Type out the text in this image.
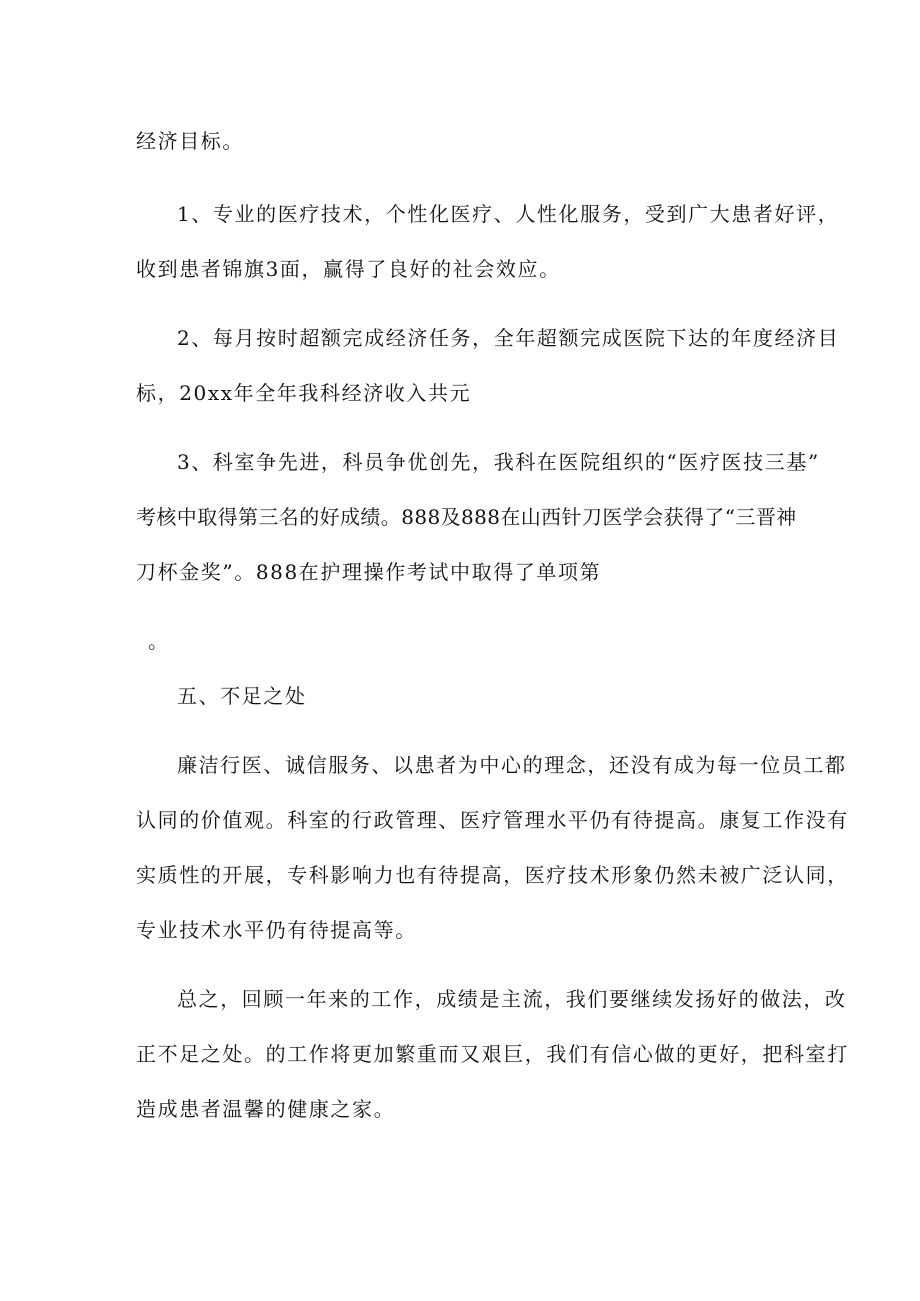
经济目标。
1、专业的医疗技术，个性化医疗、人性化服务，受到广大患者好评，
收到患者锦旗3面，赢得了良好的社会效应。
2、每月按时超额完成经济任务，全年超额完成医院下达的年度经济目
标，20xx年全年我科经济收入共元
3、科室争先进，科员争优创先，我科在医院组织的“医疗医技三基”
考核中取得第三名的好成绩。888及888在山西针刀医学会获得了“三晋神
刀杯金奖”。888在护理操作考试中取得了单项第
。
五、不足之处
廉洁行医、诚信服务、以患者为中心的理念，还没有成为每一位员工都
认同的价值观。科室的行政管理、医疗管理水平仍有待提高。康复工作没有
实质性的开展，专科影响力也有待提高，医疗技术形象仍然未被广泛认同，
专业技术水平仍有待提高等。
总之，回顾一年来的工作，成绩是主流，我们要继续发扬好的做法，改
正不足之处。的工作将更加繁重而又艰巨，我们有信心做的更好，把科室打
造成患者温馨的健康之家。
